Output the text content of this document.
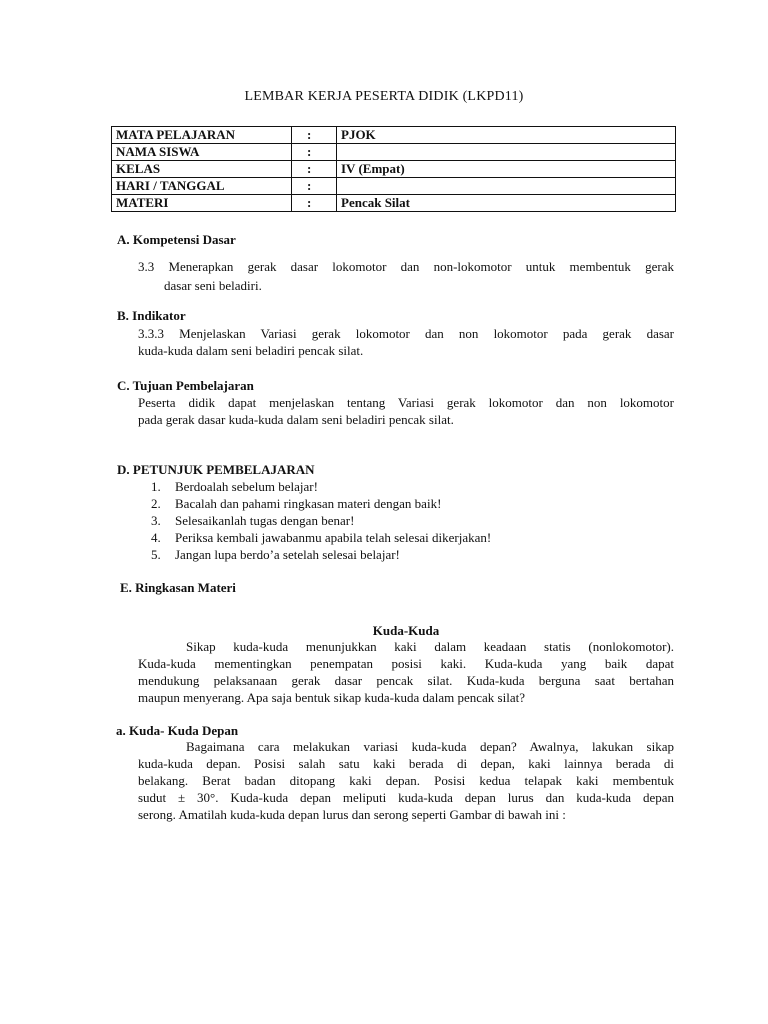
LEMBAR KERJA PESERTA DIDIK (LKPD11)
MATA PELAJARAN	:	PJOK
NAMA SISWA	:	
KELAS	:	IV (Empat)
HARI / TANGGAL	:	
MATERI	:	Pencak Silat
A. Kompetensi Dasar
3.3 Menerapkan gerak dasar lokomotor dan non-lokomotor untuk membentuk gerak
dasar seni beladiri.
B. Indikator
3.3.3 Menjelaskan Variasi gerak lokomotor dan non lokomotor pada gerak dasar
kuda-kuda dalam seni beladiri pencak silat.
C. Tujuan Pembelajaran
Peserta didik dapat menjelaskan tentang Variasi gerak lokomotor dan non lokomotor
pada gerak dasar kuda-kuda dalam seni beladiri pencak silat.
D. PETUNJUK PEMBELAJARAN
1. Berdoalah sebelum belajar!
2. Bacalah dan pahami ringkasan materi dengan baik!
3. Selesaikanlah tugas dengan benar!
4. Periksa kembali jawabanmu apabila telah selesai dikerjakan!
5. Jangan lupa berdo’a setelah selesai belajar!
E. Ringkasan Materi
Kuda-Kuda
Sikap kuda-kuda menunjukkan kaki dalam keadaan statis (nonlokomotor).
Kuda-kuda mementingkan penempatan posisi kaki. Kuda-kuda yang baik dapat
mendukung pelaksanaan gerak dasar pencak silat. Kuda-kuda berguna saat bertahan
maupun menyerang. Apa saja bentuk sikap kuda-kuda dalam pencak silat?
a. Kuda- Kuda Depan
Bagaimana cara melakukan variasi kuda-kuda depan? Awalnya, lakukan sikap
kuda-kuda depan. Posisi salah satu kaki berada di depan, kaki lainnya berada di
belakang. Berat badan ditopang kaki depan. Posisi kedua telapak kaki membentuk
sudut ± 30°. Kuda-kuda depan meliputi kuda-kuda depan lurus dan kuda-kuda depan
serong. Amatilah kuda-kuda depan lurus dan serong seperti Gambar di bawah ini :
